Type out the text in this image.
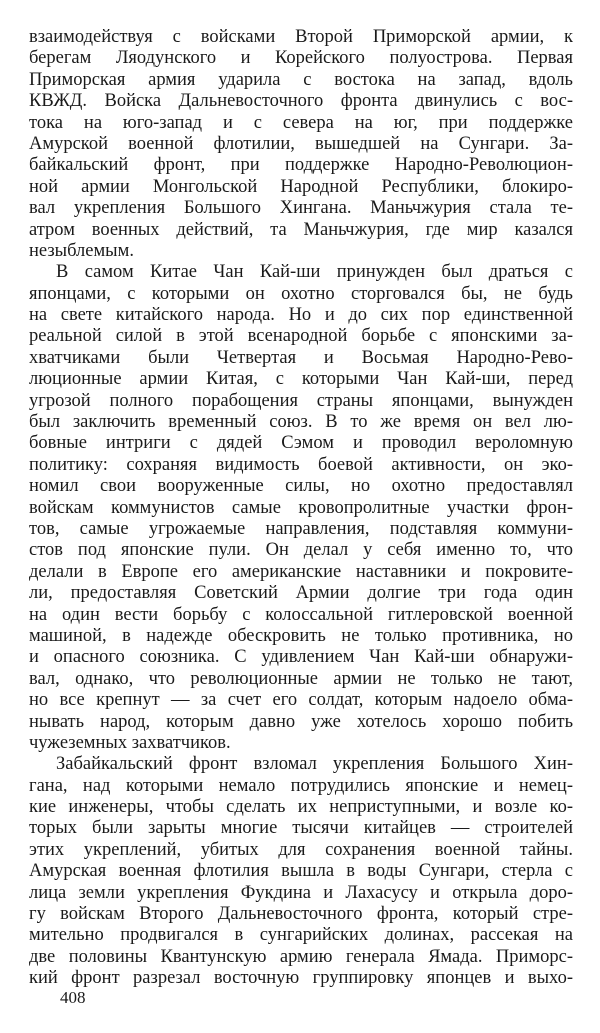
взаимодействуя с войсками Второй Приморской армии, к
берегам Ляодунского и Корейского полуострова. Первая
Приморская армия ударила с востока на запад, вдоль
КВЖД. Войска Дальневосточного фронта двинулись с вос-
тока на юго-запад и с севера на юг, при поддержке
Амурской военной флотилии, вышедшей на Сунгари. За-
байкальский фронт, при поддержке Народно-Революцион-
ной армии Монгольской Народной Республики, блокиро-
вал укрепления Большого Хингана. Маньчжурия стала те-
атром военных действий, та Маньчжурия, где мир казался
незыблемым.
В самом Китае Чан Кай-ши принужден был драться с
японцами, с которыми он охотно сторговался бы, не будь
на свете китайского народа. Но и до сих пор единственной
реальной силой в этой всенародной борьбе с японскими за-
хватчиками были Четвертая и Восьмая Народно-Рево-
люционные армии Китая, с которыми Чан Кай-ши, перед
угрозой полного порабощения страны японцами, вынужден
был заключить временный союз. В то же время он вел лю-
бовные интриги с дядей Сэмом и проводил вероломную
политику: сохраняя видимость боевой активности, он эко-
номил свои вооруженные силы, но охотно предоставлял
войскам коммунистов самые кровопролитные участки фрон-
тов, самые угрожаемые направления, подставляя коммуни-
стов под японские пули. Он делал у себя именно то, что
делали в Европе его американские наставники и покровите-
ли, предоставляя Советский Армии долгие три года один
на один вести борьбу с колоссальной гитлеровской военной
машиной, в надежде обескровить не только противника, но
и опасного союзника. С удивлением Чан Кай-ши обнаружи-
вал, однако, что революционные армии не только не тают,
но все крепнут — за счет его солдат, которым надоело обма-
нывать народ, которым давно уже хотелось хорошо побить
чужеземных захватчиков.
Забайкальский фронт взломал укрепления Большого Хин-
гана, над которыми немало потрудились японские и немец-
кие инженеры, чтобы сделать их неприступными, и возле ко-
торых были зарыты многие тысячи китайцев — строителей
этих укреплений, убитых для сохранения военной тайны.
Амурская военная флотилия вышла в воды Сунгари, стерла с
лица земли укрепления Фукдина и Лахасусу и открыла доро-
гу войскам Второго Дальневосточного фронта, который стре-
мительно продвигался в сунгарийских долинах, рассекая на
две половины Квантунскую армию генерала Ямада. Приморс-
кий фронт разрезал восточную группировку японцев и выхо-
408
